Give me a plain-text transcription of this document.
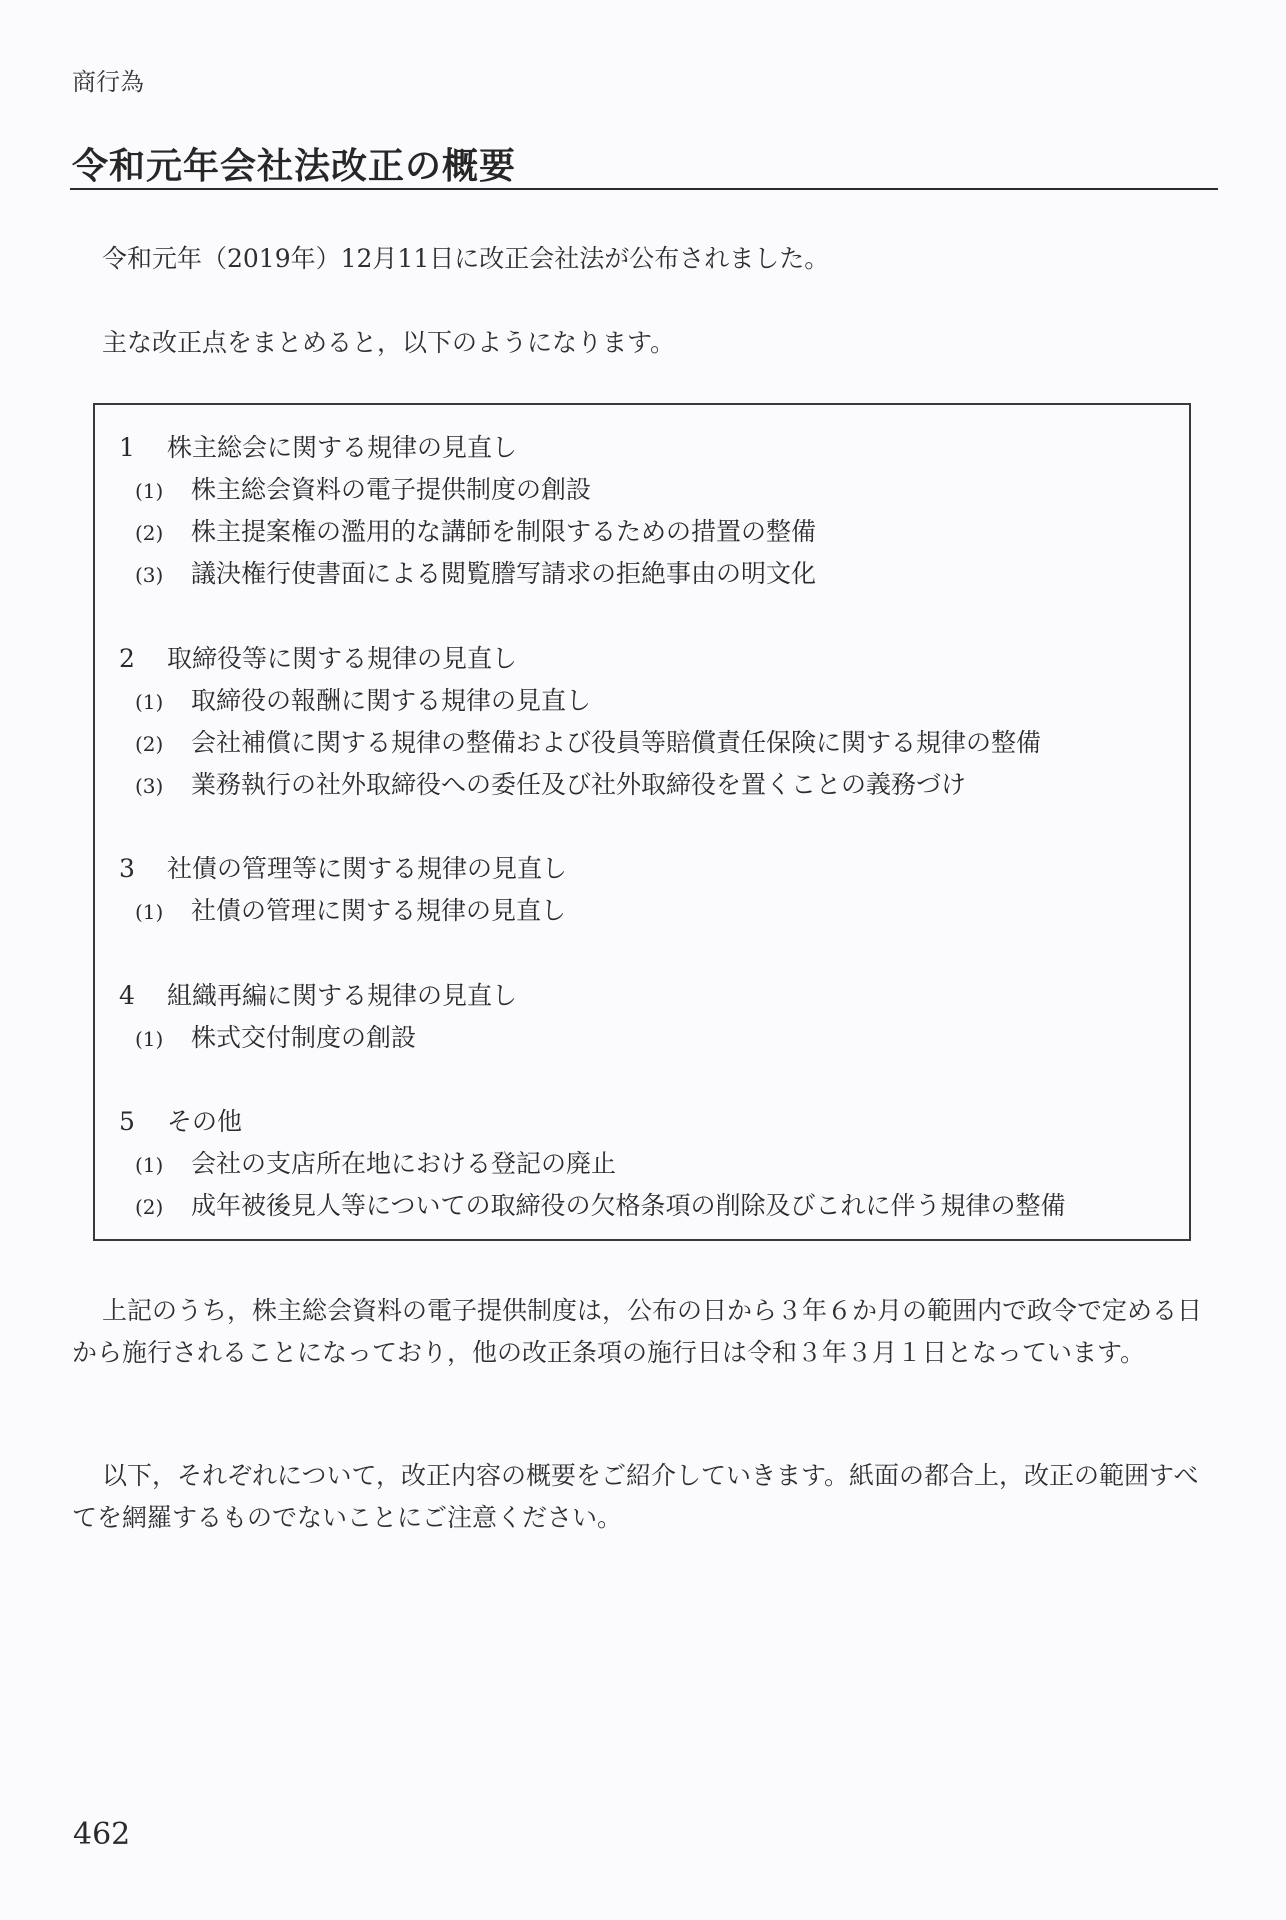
商行為
令和元年会社法改正の概要

令和元年（2019年）12月11日に改正会社法が公布されました。

主な改正点をまとめると，以下のようになります。

1 株主総会に関する規律の見直し
(1) 株主総会資料の電子提供制度の創設
(2) 株主提案権の濫用的な講師を制限するための措置の整備
(3) 議決権行使書面による閲覧謄写請求の拒絶事由の明文化
2 取締役等に関する規律の見直し
(1) 取締役の報酬に関する規律の見直し
(2) 会社補償に関する規律の整備および役員等賠償責任保険に関する規律の整備
(3) 業務執行の社外取締役への委任及び社外取締役を置くことの義務づけ
3 社債の管理等に関する規律の見直し
(1) 社債の管理に関する規律の見直し
4 組織再編に関する規律の見直し
(1) 株式交付制度の創設
5 その他
(1) 会社の支店所在地における登記の廃止
(2) 成年被後見人等についての取締役の欠格条項の削除及びこれに伴う規律の整備

上記のうち，株主総会資料の電子提供制度は，公布の日から３年６か月の範囲内で政令で定める日から施行されることになっており，他の改正条項の施行日は令和３年３月１日となっています。

以下，それぞれについて，改正内容の概要をご紹介していきます。紙面の都合上，改正の範囲すべてを網羅するものでないことにご注意ください。

462
